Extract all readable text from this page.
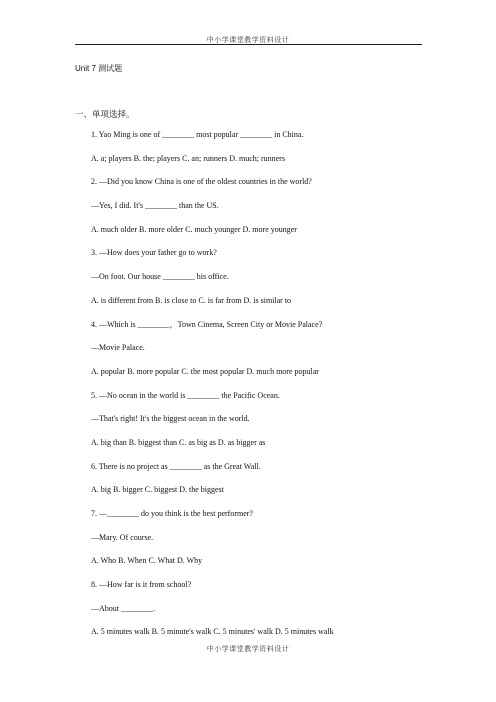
中小学课堂教学资料设计
Unit 7 测试题
一、单项选择。
1. Yao Ming is one of ________ most popular ________ in China.
A. a; players B. the; players C. an; runners D. much; runners
2. —Did you know China is one of the oldest countries in the world?
—Yes, I did. It's ________ than the US.
A. much older B. more older C. much younger D. more younger
3. —How does your father go to work?
—On foot. Our house ________ his office.
A. is different from B. is close to C. is far from D. is similar to
4. —Which is ________，Town Cinema, Screen City or Movie Palace?
—Movie Palace.
A. popular B. more popular C. the most popular D. much more popular
5. —No ocean in the world is ________ the Pacific Ocean.
—That's right! It's the biggest ocean in the world.
A. big than B. biggest than C. as big as D. as bigger as
6. There is no project as ________ as the Great Wall.
A. big B. bigger C. biggest D. the biggest
7. —________ do you think is the best performer?
—Mary. Of course.
A. Who B. When C. What D. Why
8. —How far is it from school?
—About ________.
A. 5 minutes walk B. 5 minute's walk C. 5 minutes' walk D. 5 minutes walk
中小学课堂教学资料设计
